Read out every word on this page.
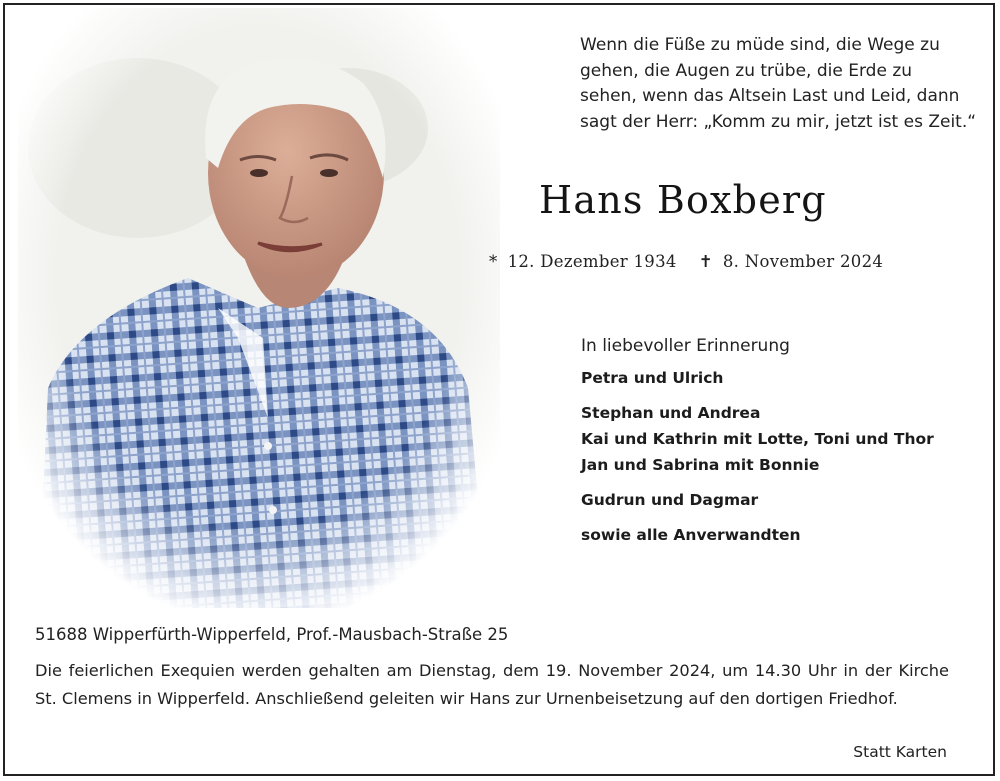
Wenn die Füße zu müde sind, die Wege zu
gehen, die Augen zu trübe, die Erde zu
sehen, wenn das Altsein Last und Leid, dann
sagt der Herr: „Komm zu mir, jetzt ist es Zeit.“
Hans Boxberg
* 12. Dezember 1934 ✝ 8. November 2024
In liebevoller Erinnerung
Petra und Ulrich
Stephan und Andrea
Kai und Kathrin mit Lotte, Toni und Thor
Jan und Sabrina mit Bonnie
Gudrun und Dagmar
sowie alle Anverwandten
51688 Wipperfürth-Wipperfeld, Prof.-Mausbach-Straße 25
Die feierlichen Exequien werden gehalten am Dienstag, dem 19. November 2024, um 14.30 Uhr in der Kirche St. Clemens in Wipperfeld. Anschließend geleiten wir Hans zur Urnenbeisetzung auf den dortigen Friedhof.
Statt Karten
